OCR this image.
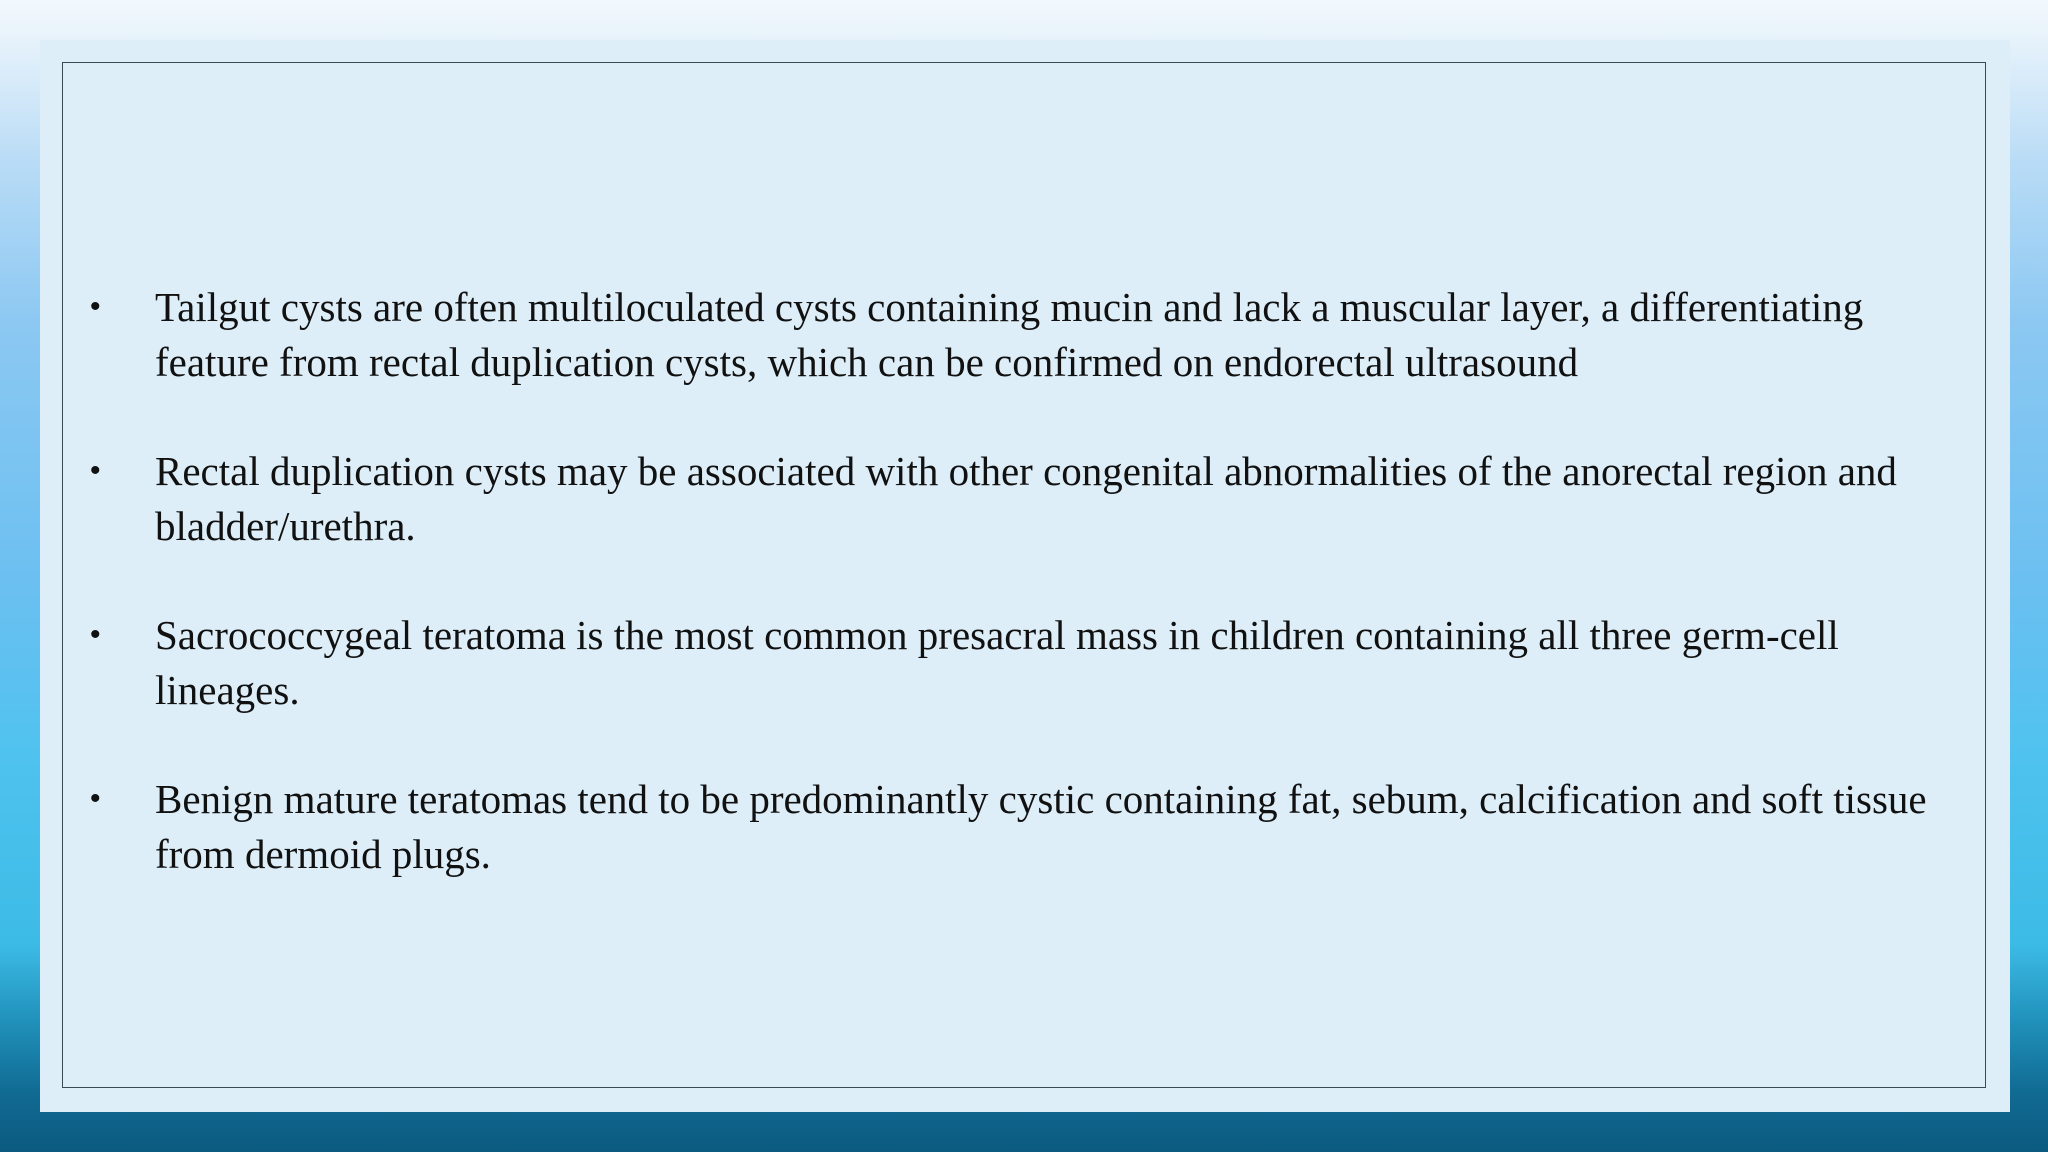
• Tailgut cysts are often multiloculated cysts containing mucin and lack a muscular layer, a differentiating feature from rectal duplication cysts, which can be confirmed on endorectal ultrasound
• Rectal duplication cysts may be associated with other congenital abnormalities of the anorectal region and bladder/urethra.
• Sacrococcygeal teratoma is the most common presacral mass in children containing all three germ-cell lineages.
• Benign mature teratomas tend to be predominantly cystic containing fat, sebum, calcification and soft tissue from dermoid plugs.
